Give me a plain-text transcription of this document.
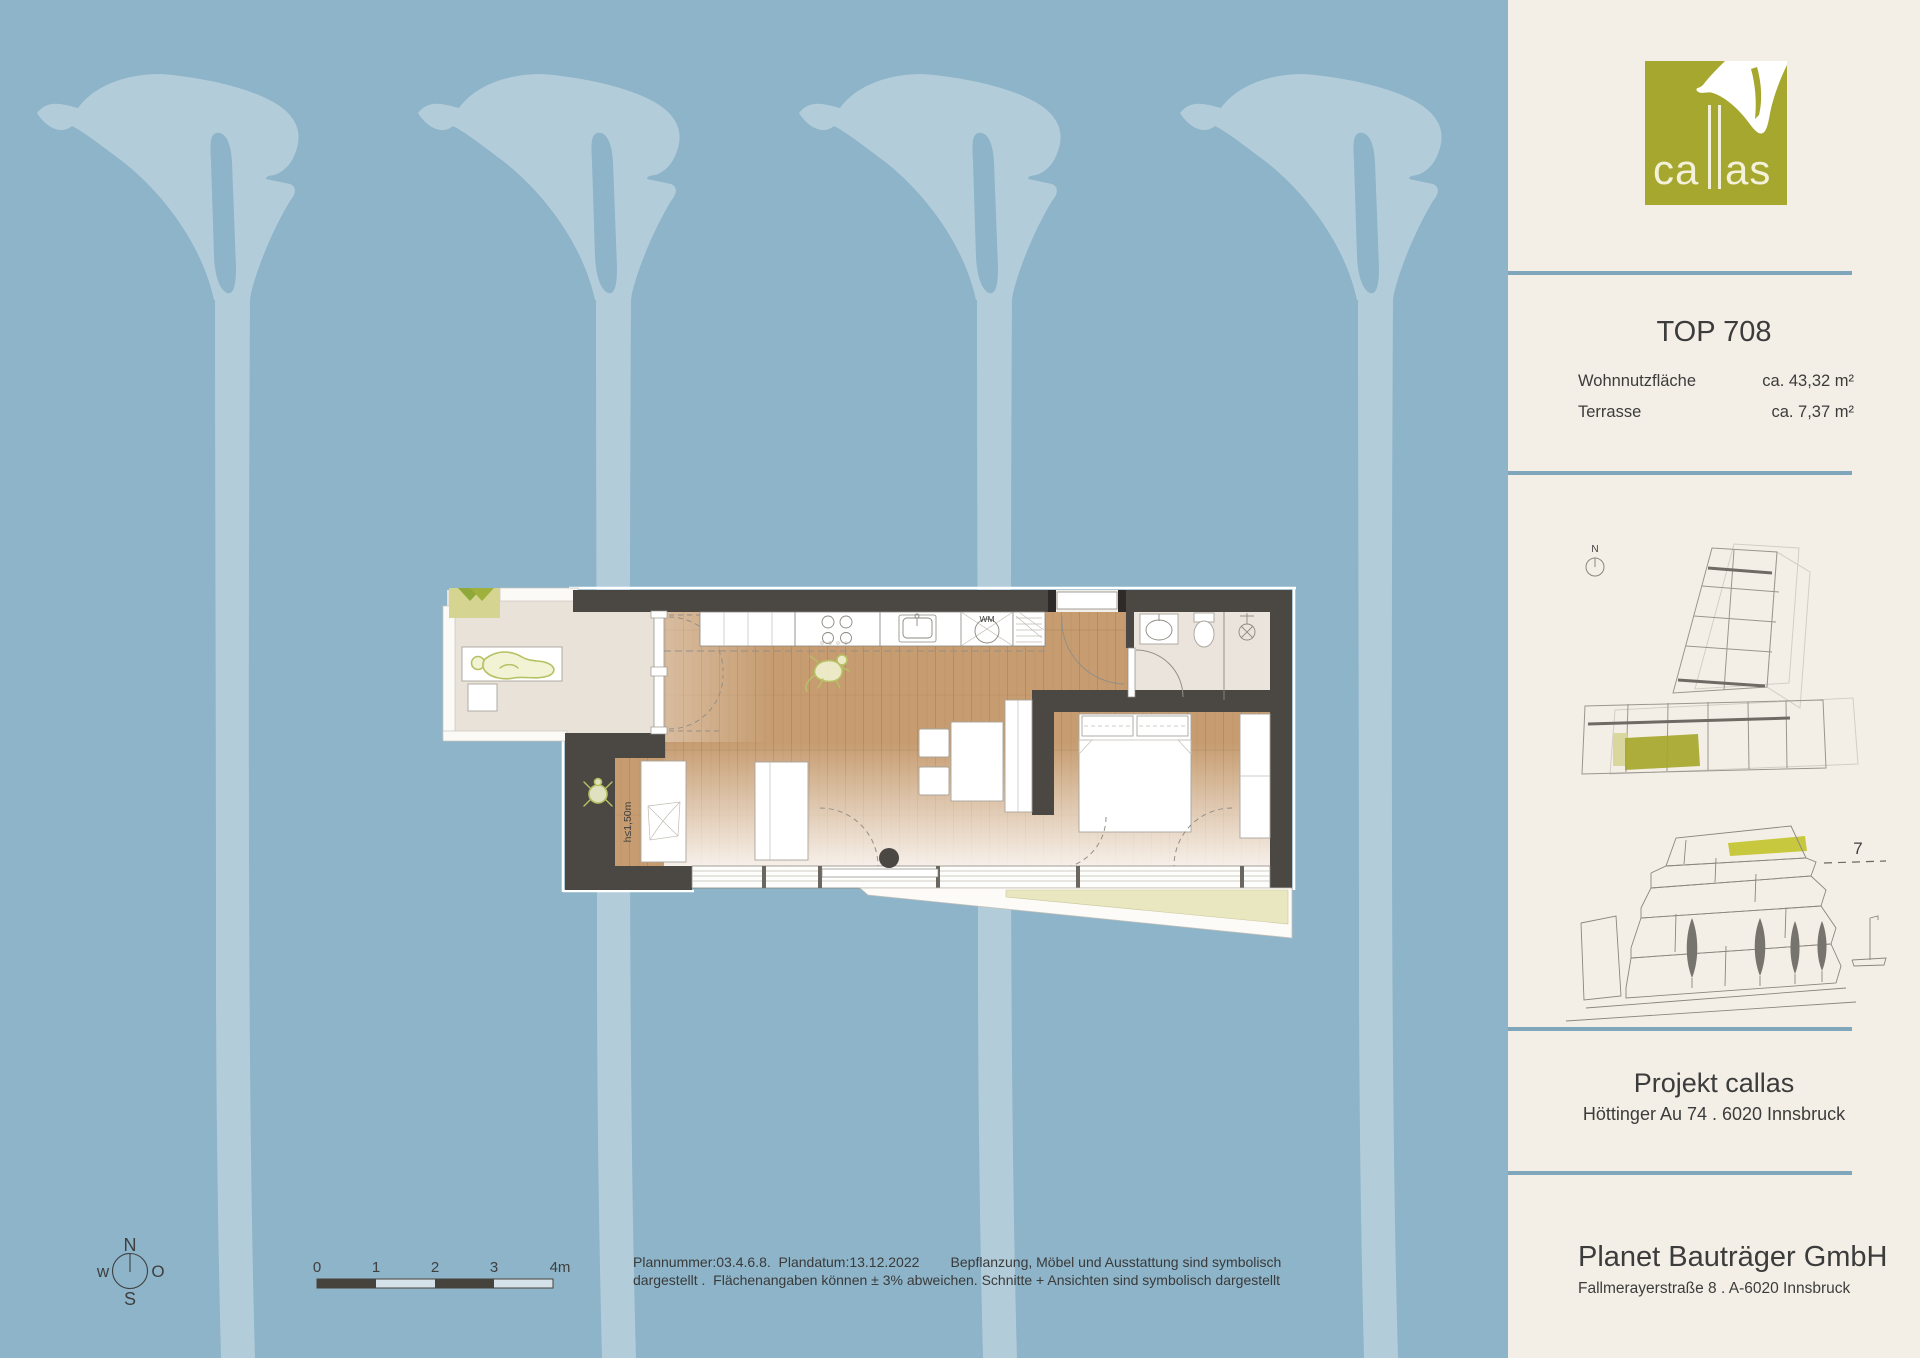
WM
h≤1,50m
N
w O
S
0	1	2	3	4m	Plannummer:03.4.6.8.  Plandatum:13.12.2022        Bepflanzung, Möbel und Ausstattung sind symbolisch
dargestellt .  Flächenangaben können ± 3% abweichen. Schnitte + Ansichten sind symbolisch dargestellt
ca as
TOP 708
Wohnnutzfläche	ca. 43,32 m²
Terrasse	ca. 7,37 m²
N
7
Projekt callas
Höttinger Au 74 . 6020 Innsbruck
Planet Bauträger GmbH
Fallmerayerstraße 8 . A-6020 Innsbruck
